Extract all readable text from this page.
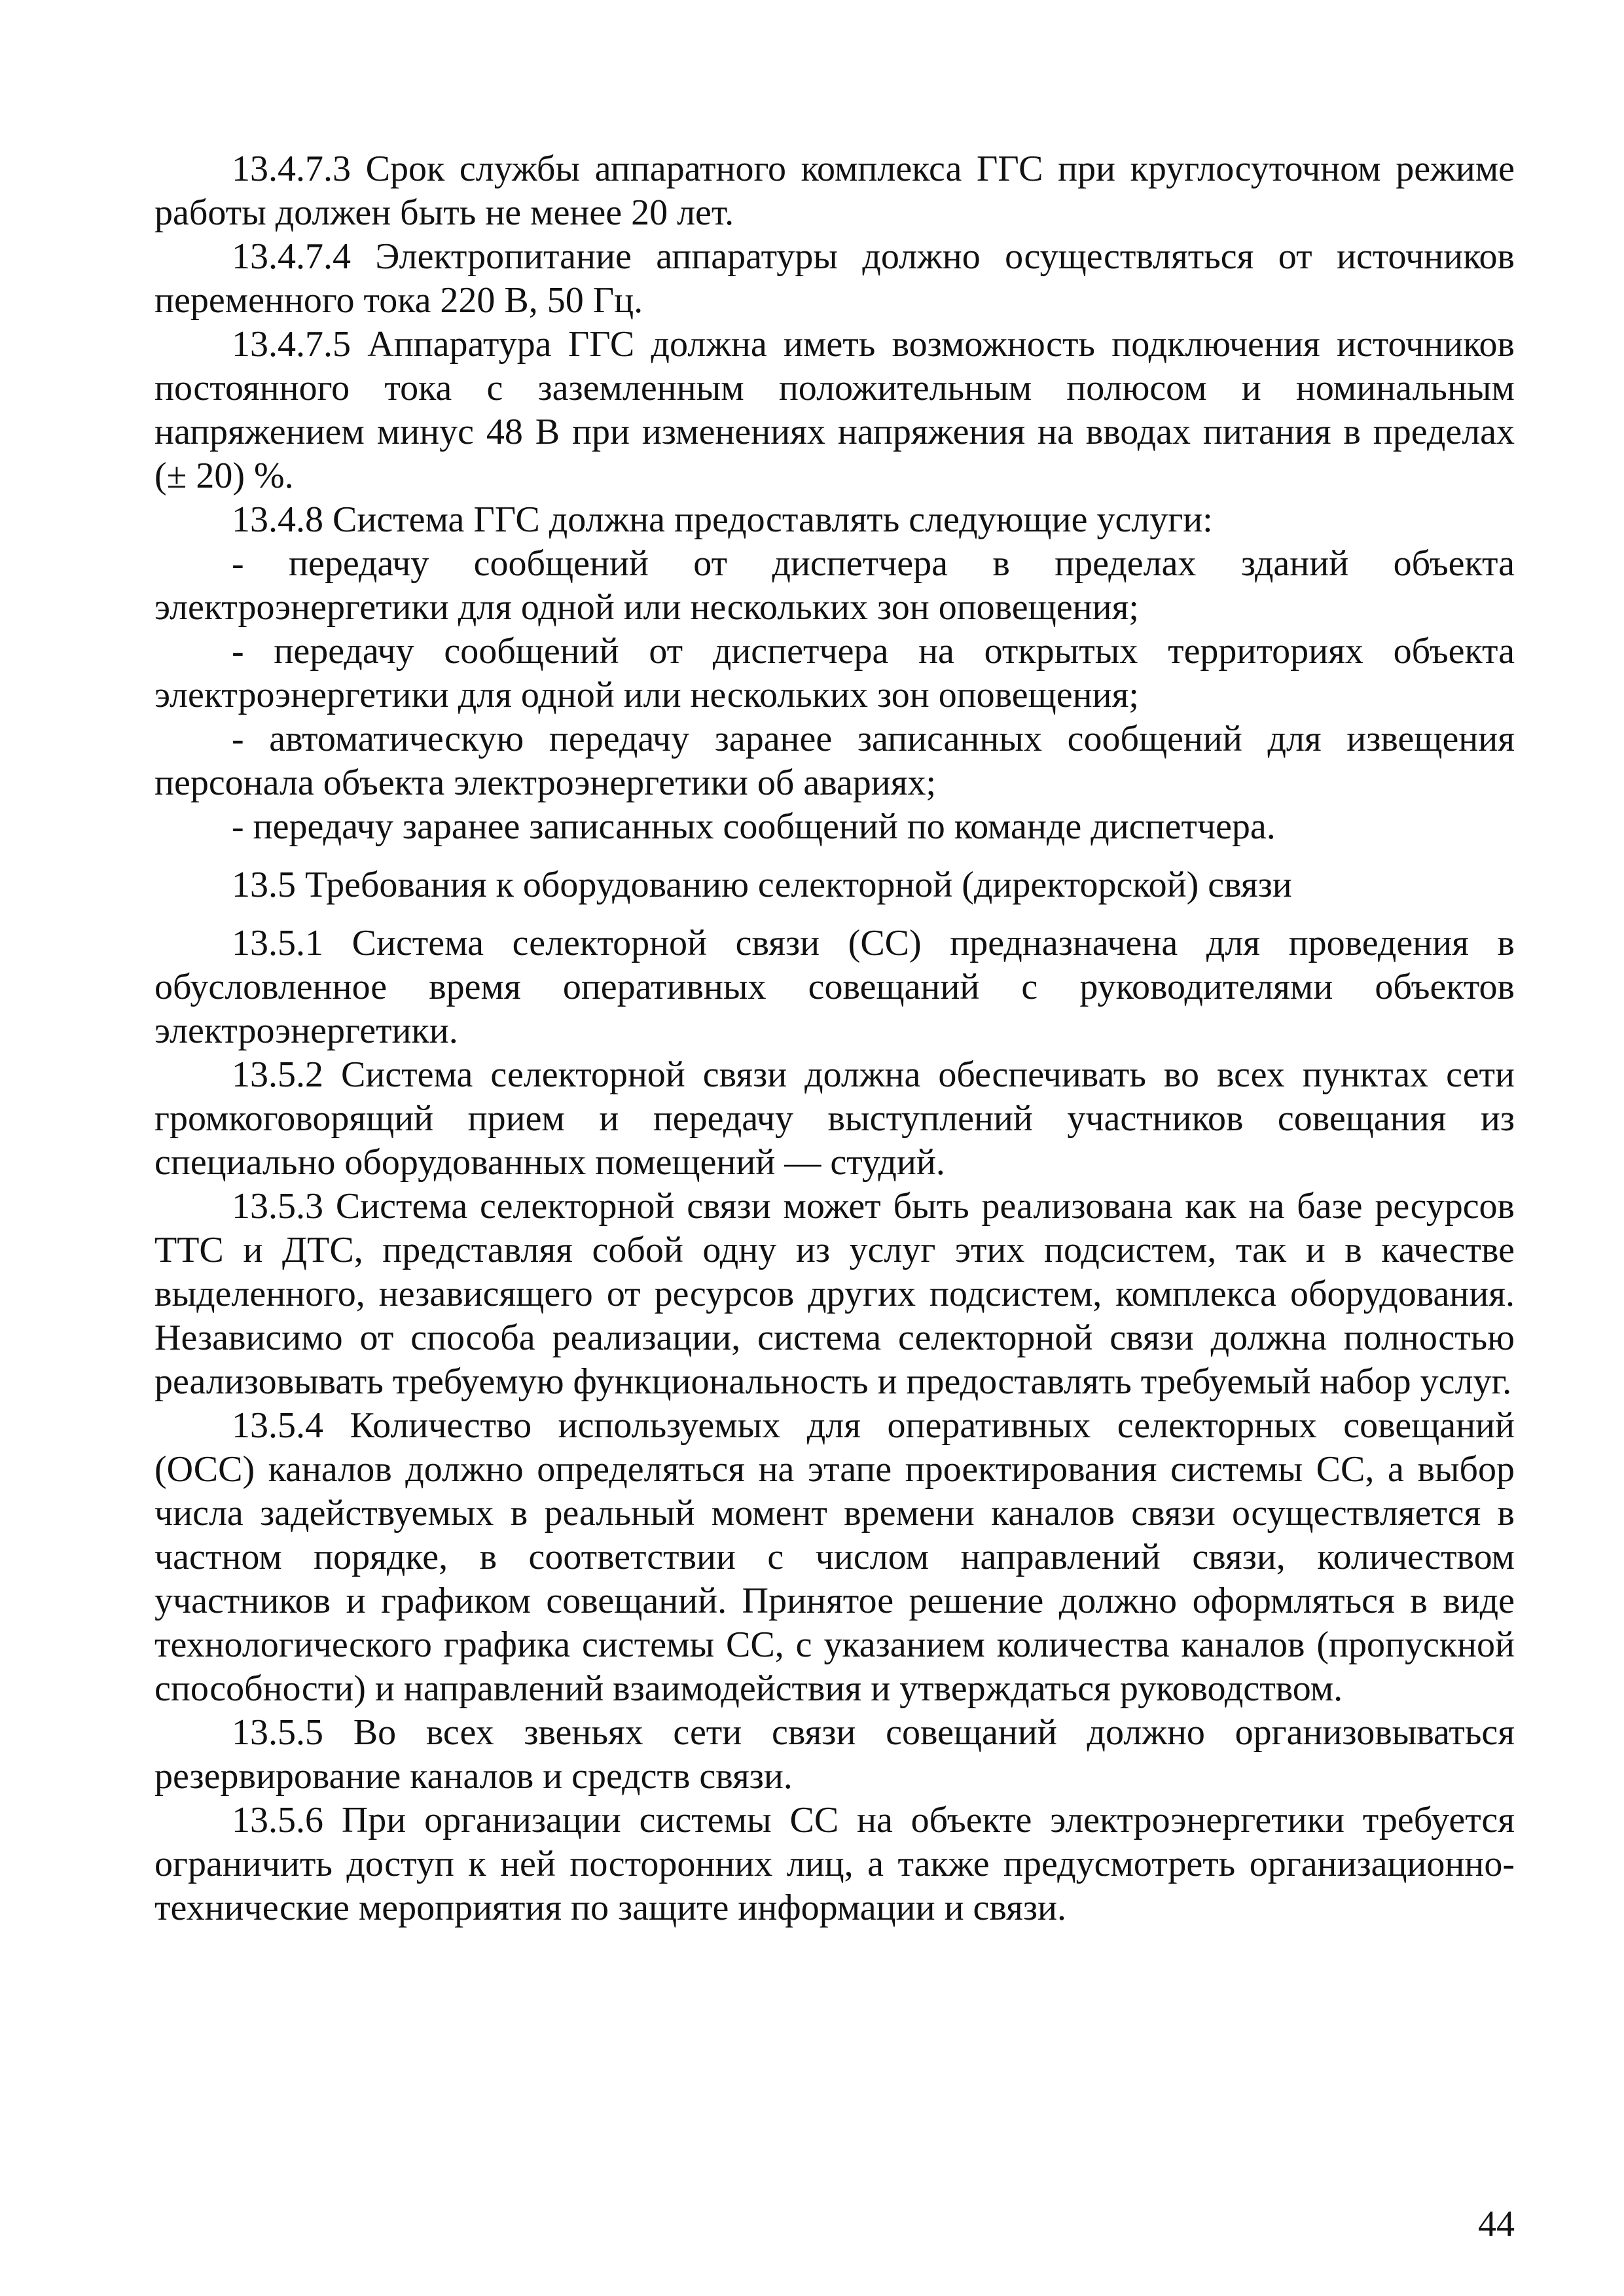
13.4.7.3 Срок службы аппаратного комплекса ГГС при круглосуточном режиме работы должен быть не менее 20 лет.

13.4.7.4 Электропитание аппаратуры должно осуществляться от источников переменного тока 220 В, 50 Гц.

13.4.7.5 Аппаратура ГГС должна иметь возможность подключения источников постоянного тока с заземленным положительным полюсом и номинальным напряжением минус 48 В при изменениях напряжения на вводах питания в пределах (± 20) %.

13.4.8 Система ГГС должна предоставлять следующие услуги:

- передачу сообщений от диспетчера в пределах зданий объекта электроэнергетики для одной или нескольких зон оповещения;

- передачу сообщений от диспетчера на открытых территориях объекта электроэнергетики для одной или нескольких зон оповещения;

- автоматическую передачу заранее записанных сообщений для извещения персонала объекта электроэнергетики об авариях;

- передачу заранее записанных сообщений по команде диспетчера.

13.5 Требования к оборудованию селекторной (директорской) связи

13.5.1 Система селекторной связи (СС) предназначена для проведения в обусловленное время оперативных совещаний с руководителями объектов электроэнергетики.

13.5.2 Система селекторной связи должна обеспечивать во всех пунктах сети громкоговорящий прием и передачу выступлений участников совещания из специально оборудованных помещений — студий.

13.5.3 Система селекторной связи может быть реализована как на базе ресурсов ТТС и ДТС, представляя собой одну из услуг этих подсистем, так и в качестве выделенного, независящего от ресурсов других подсистем, комплекса оборудования. Независимо от способа реализации, система селекторной связи должна полностью реализовывать требуемую функциональность и предоставлять требуемый набор услуг.

13.5.4 Количество используемых для оперативных селекторных совещаний (ОСС) каналов должно определяться на этапе проектирования системы СС, а выбор числа задействуемых в реальный момент времени каналов связи осуществляется в частном порядке, в соответствии с числом направлений связи, количеством участников и графиком совещаний. Принятое решение должно оформляться в виде технологического графика системы СС, с указанием количества каналов (пропускной способности) и направлений взаимодействия и утверждаться руководством.

13.5.5 Во всех звеньях сети связи совещаний должно организовываться резервирование каналов и средств связи.

13.5.6 При организации системы СС на объекте электроэнергетики требуется ограничить доступ к ней посторонних лиц, а также предусмотреть организационно-технические мероприятия по защите информации и связи.

44
